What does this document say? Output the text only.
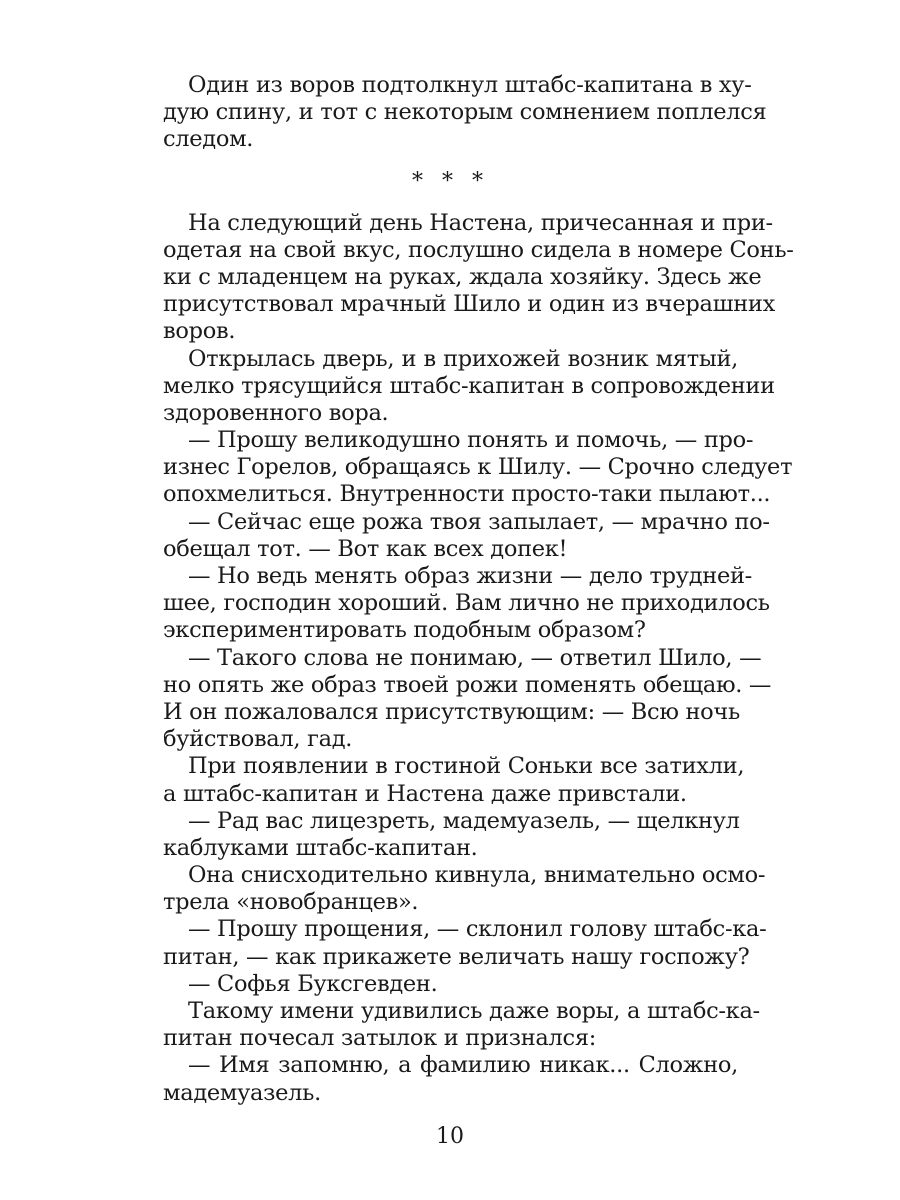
Один из воров подтолкнул штабс-капитана в ху-
дую спину, и тот с некоторым сомнением поплелся
следом.
* * *
На следующий день Настена, причесанная и при-
одетая на свой вкус, послушно сидела в номере Сонь-
ки с младенцем на руках, ждала хозяйку. Здесь же
присутствовал мрачный Шило и один из вчерашних
воров.
Открылась дверь, и в прихожей возник мятый,
мелко трясущийся штабс-капитан в сопровождении
здоровенного вора.
— Прошу великодушно понять и помочь, — про-
изнес Горелов, обращаясь к Шилу. — Срочно следует
опохмелиться. Внутренности просто-таки пылают...
— Сейчас еще рожа твоя запылает, — мрачно по-
обещал тот. — Вот как всех допек!
— Но ведь менять образ жизни — дело трудней-
шее, господин хороший. Вам лично не приходилось
экспериментировать подобным образом?
— Такого слова не понимаю, — ответил Шило, —
но опять же образ твоей рожи поменять обещаю. —
И он пожаловался присутствующим: — Всю ночь
буйствовал, гад.
При появлении в гостиной Соньки все затихли,
а штабс-капитан и Настена даже привстали.
— Рад вас лицезреть, мадемуазель, — щелкнул
каблуками штабс-капитан.
Она снисходительно кивнула, внимательно осмо-
трела «новобранцев».
— Прошу прощения, — склонил голову штабс-ка-
питан, — как прикажете величать нашу госпожу?
— Софья Буксгевден.
Такому имени удивились даже воры, а штабс-ка-
питан почесал затылок и признался:
— Имя запомню, а фамилию никак... Сложно,
мадемуазель.
10
